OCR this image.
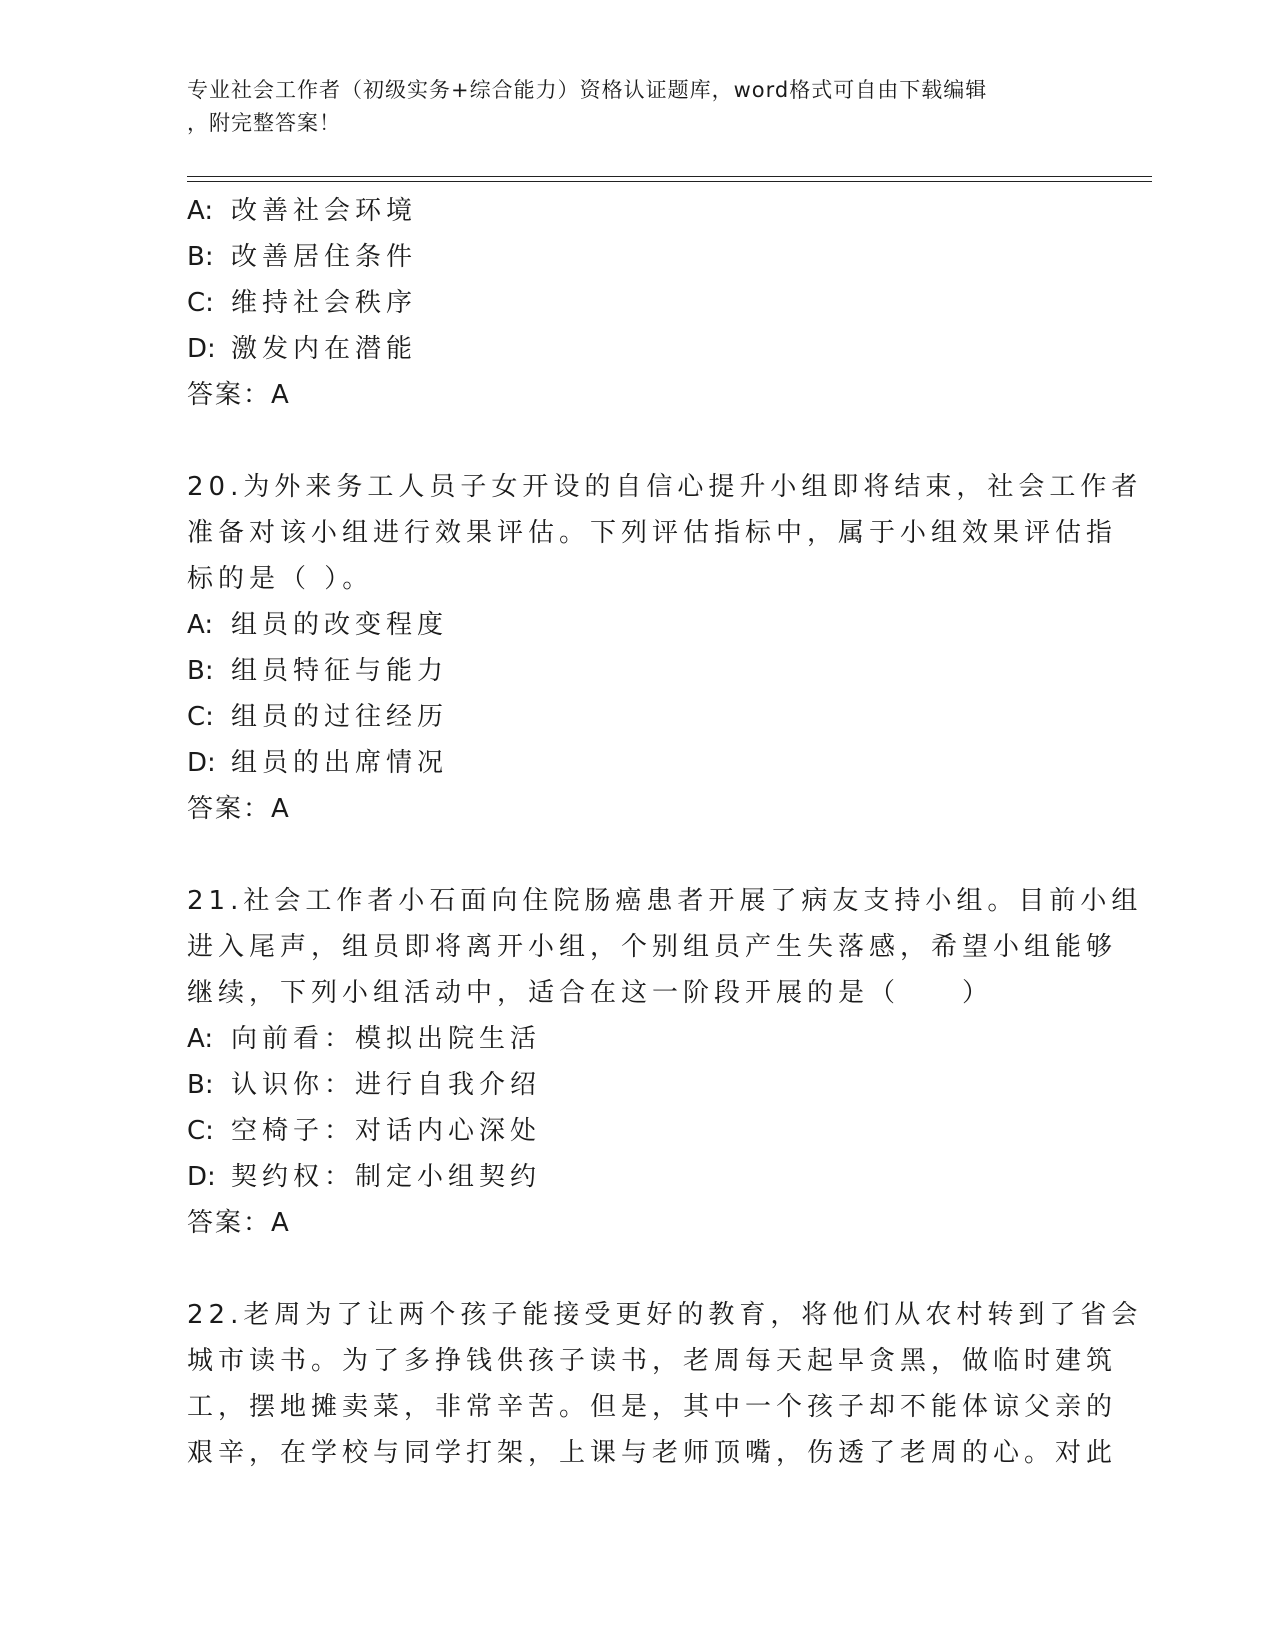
专业社会工作者（初级实务+综合能力）资格认证题库，word格式可自由下载编辑
，附完整答案！
A: 改善社会环境
B: 改善居住条件
C: 维持社会秩序
D: 激发内在潜能
答案：A
20.为外来务工人员子女开设的自信心提升小组即将结束，社会工作者
准备对该小组进行效果评估。下列评估指标中，属于小组效果评估指
标的是（ ）。
A: 组员的改变程度
B: 组员特征与能力
C: 组员的过往经历
D: 组员的出席情况
答案：A
21.社会工作者小石面向住院肠癌患者开展了病友支持小组。目前小组
进入尾声，组员即将离开小组，个别组员产生失落感，希望小组能够
继续，下列小组活动中，适合在这一阶段开展的是（　　）
A: 向前看：模拟出院生活
B: 认识你：进行自我介绍
C: 空椅子：对话内心深处
D: 契约权：制定小组契约
答案：A
22.老周为了让两个孩子能接受更好的教育，将他们从农村转到了省会
城市读书。为了多挣钱供孩子读书，老周每天起早贪黑，做临时建筑
工，摆地摊卖菜，非常辛苦。但是，其中一个孩子却不能体谅父亲的
艰辛，在学校与同学打架，上课与老师顶嘴，伤透了老周的心。对此
